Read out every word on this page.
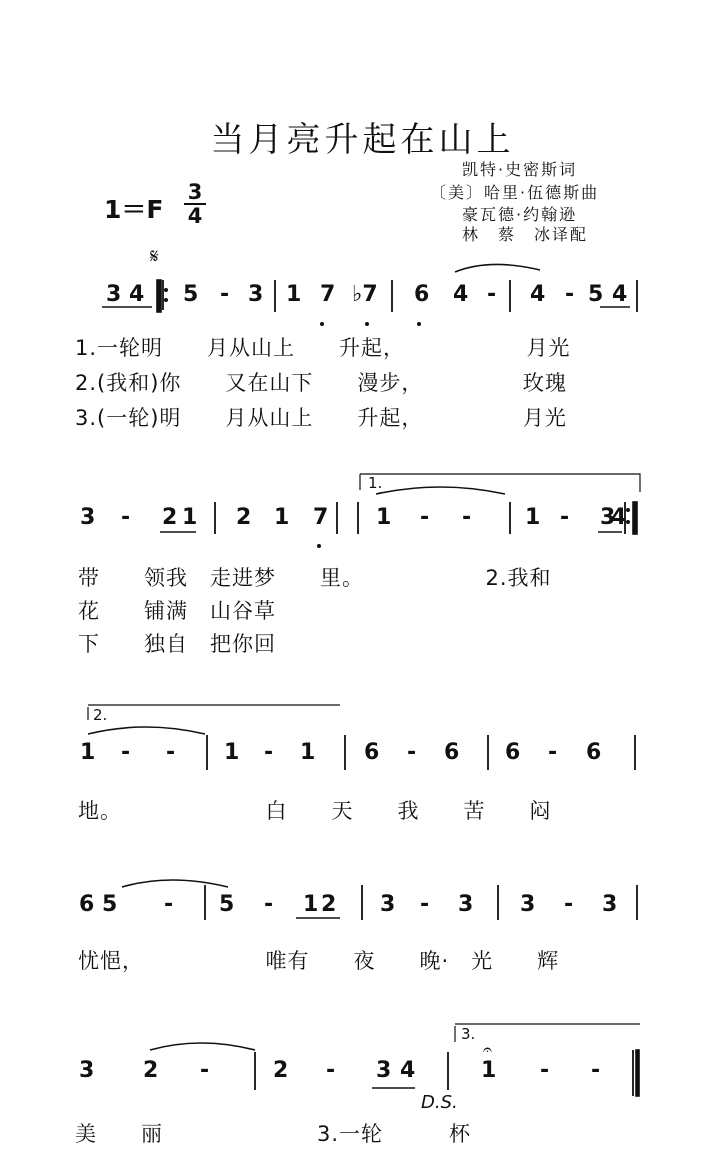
当月亮升起在山上
1＝F
3
4
凯特·史密斯词
〔美〕哈里·伍德斯曲
豪瓦德·约翰逊
林　蔡　冰译配
𝄋
𝄐
D.S.
1.
2.
3.
3 4 5 - 3 1 7 ♭7 6 4 - 4 - 5 4
1.一轮明　　月从山上　　升起，　　　　　　月光
2.(我和)你　　又在山下　　漫步，　　　　　玫瑰
3.(一轮)明　　月从山上　　升起，　　　　　月光
3 - 2 1 2 1 7 1 - - 1 - 3
4
带　　领我　走进梦　　里。　　　　　　2.我和
花　　铺满　山谷草
下　　独自　把你回
1 - - 1 - 1 6 - 6 6 - 6
地。　　　　　　　白　　天　　我　　苦　　闷
6 5 - 5 - 1 2 3 - 3 3 - 3
忧悒，　　　　　　唯有　　夜　　晚·　光　　辉
3 2 -	2 - 3 4	1 - -
美　　丽　　　　　　　3.一轮　　　杯
